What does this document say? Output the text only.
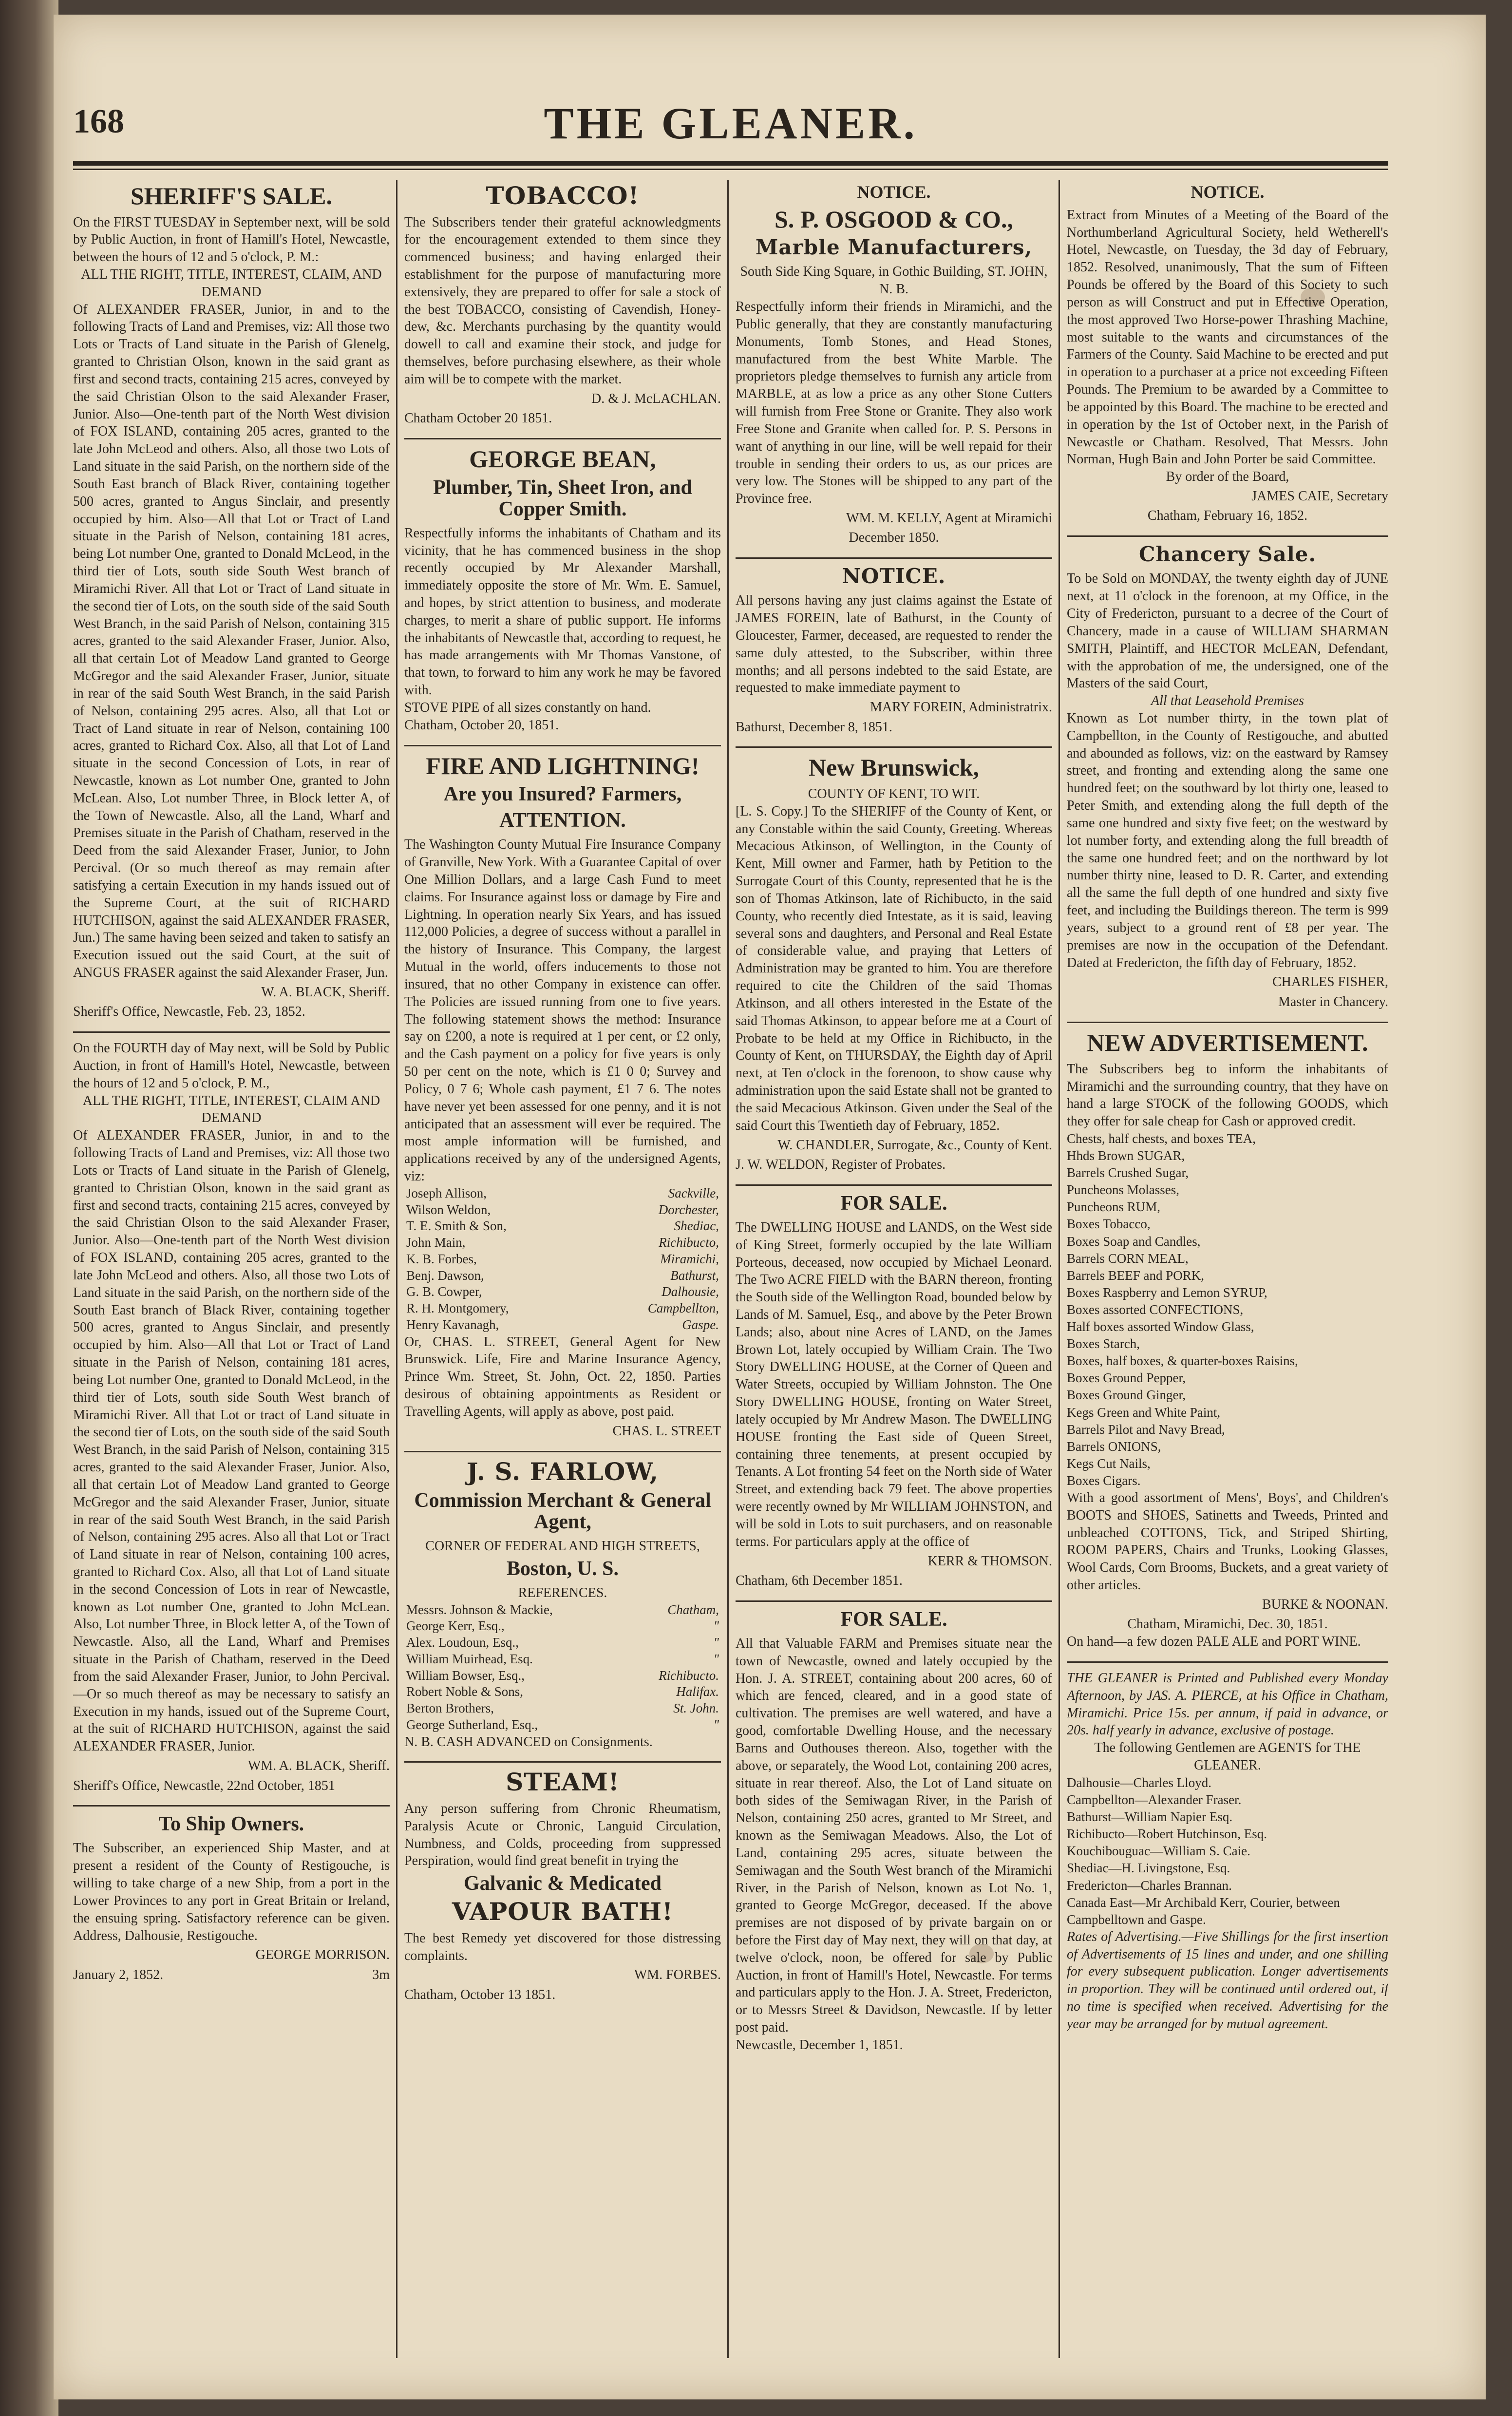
168	THE GLEANER.
SHERIFF'S SALE.

On the FIRST TUESDAY in September next, will be sold by Public Auction, in front of Hamill's Hotel, Newcastle, between the hours of 12 and 5 o'clock, P. M.:

ALL THE RIGHT, TITLE, INTEREST, CLAIM, AND DEMAND

Of ALEXANDER FRASER, Junior, in and to the following Tracts of Land and Premises, viz: All those two Lots or Tracts of Land situate in the Parish of Glenelg, granted to Christian Olson, known in the said grant as first and second tracts, containing 215 acres, conveyed by the said Christian Olson to the said Alexander Fraser, Junior. Also—One-tenth part of the North West division of FOX ISLAND, containing 205 acres, granted to the late John McLeod and others. Also, all those two Lots of Land situate in the said Parish, on the northern side of the South East branch of Black River, containing together 500 acres, granted to Angus Sinclair, and presently occupied by him. Also—All that Lot or Tract of Land situate in the Parish of Nelson, containing 181 acres, being Lot number One, granted to Donald McLeod, in the third tier of Lots, south side South West branch of Miramichi River. All that Lot or Tract of Land situate in the second tier of Lots, on the south side of the said South West Branch, in the said Parish of Nelson, containing 315 acres, granted to the said Alexander Fraser, Junior. Also, all that certain Lot of Meadow Land granted to George McGregor and the said Alexander Fraser, Junior, situate in rear of the said South West Branch, in the said Parish of Nelson, containing 295 acres. Also, all that Lot or Tract of Land situate in rear of Nelson, containing 100 acres, granted to Richard Cox. Also, all that Lot of Land situate in the second Concession of Lots, in rear of Newcastle, known as Lot number One, granted to John McLean. Also, Lot number Three, in Block letter A, of the Town of Newcastle. Also, all the Land, Wharf and Premises situate in the Parish of Chatham, reserved in the Deed from the said Alexander Fraser, Junior, to John Percival. (Or so much thereof as may remain after satisfying a certain Execution in my hands issued out of the Supreme Court, at the suit of RICHARD HUTCHISON, against the said ALEXANDER FRASER, Jun.) The same having been seized and taken to satisfy an Execution issued out the said Court, at the suit of ANGUS FRASER against the said Alexander Fraser, Jun.

W. A. BLACK, Sheriff.

Sheriff's Office, Newcastle, Feb. 23, 1852.

On the FOURTH day of May next, will be Sold by Public Auction, in front of Hamill's Hotel, Newcastle, between the hours of 12 and 5 o'clock, P. M.,

ALL THE RIGHT, TITLE, INTEREST, CLAIM AND DEMAND

Of ALEXANDER FRASER, Junior, in and to the following Tracts of Land and Premises, viz: All those two Lots or Tracts of Land situate in the Parish of Glenelg, granted to Christian Olson, known in the said grant as first and second tracts, containing 215 acres, conveyed by the said Christian Olson to the said Alexander Fraser, Junior. Also—One-tenth part of the North West division of FOX ISLAND, containing 205 acres, granted to the late John McLeod and others. Also, all those two Lots of Land situate in the said Parish, on the northern side of the South East branch of Black River, containing together 500 acres, granted to Angus Sinclair, and presently occupied by him. Also—All that Lot or Tract of Land situate in the Parish of Nelson, containing 181 acres, being Lot number One, granted to Donald McLeod, in the third tier of Lots, south side South West branch of Miramichi River. All that Lot or tract of Land situate in the second tier of Lots, on the south side of the said South West Branch, in the said Parish of Nelson, containing 315 acres, granted to the said Alexander Fraser, Junior. Also, all that certain Lot of Meadow Land granted to George McGregor and the said Alexander Fraser, Junior, situate in rear of the said South West Branch, in the said Parish of Nelson, containing 295 acres. Also all that Lot or Tract of Land situate in rear of Nelson, containing 100 acres, granted to Richard Cox. Also, all that Lot of Land situate in the second Concession of Lots in rear of Newcastle, known as Lot number One, granted to John McLean. Also, Lot number Three, in Block letter A, of the Town of Newcastle. Also, all the Land, Wharf and Premises situate in the Parish of Chatham, reserved in the Deed from the said Alexander Fraser, Junior, to John Percival.—Or so much thereof as may be necessary to satisfy an Execution in my hands, issued out of the Supreme Court, at the suit of RICHARD HUTCHISON, against the said ALEXANDER FRASER, Junior.

WM. A. BLACK, Sheriff.

Sheriff's Office, Newcastle, 22nd October, 1851

To Ship Owners.

The Subscriber, an experienced Ship Master, and at present a resident of the County of Restigouche, is willing to take charge of a new Ship, from a port in the Lower Provinces to any port in Great Britain or Ireland, the ensuing spring. Satisfactory reference can be given. Address, Dalhousie, Restigouche.

GEORGE MORRISON.

January 2, 1852.	3m

TOBACCO!

The Subscribers tender their grateful acknowledgments for the encouragement extended to them since they commenced business; and having enlarged their establishment for the purpose of manufacturing more extensively, they are prepared to offer for sale a stock of the best TOBACCO, consisting of Cavendish, Honey-dew, &c. Merchants purchasing by the quantity would dowell to call and examine their stock, and judge for themselves, before purchasing elsewhere, as their whole aim will be to compete with the market.

D. & J. McLACHLAN.

Chatham October 20 1851.

GEORGE BEAN,
Plumber, Tin, Sheet Iron, and Copper Smith.

Respectfully informs the inhabitants of Chatham and its vicinity, that he has commenced business in the shop recently occupied by Mr Alexander Marshall, immediately opposite the store of Mr. Wm. E. Samuel, and hopes, by strict attention to business, and moderate charges, to merit a share of public support. He informs the inhabitants of Newcastle that, according to request, he has made arrangements with Mr Thomas Vanstone, of that town, to forward to him any work he may be favored with.

STOVE PIPE of all sizes constantly on hand.

Chatham, October 20, 1851.

FIRE AND LIGHTNING!
Are you Insured? Farmers,
ATTENTION.

The Washington County Mutual Fire Insurance Company of Granville, New York. With a Guarantee Capital of over One Million Dollars, and a large Cash Fund to meet claims. For Insurance against loss or damage by Fire and Lightning. In operation nearly Six Years, and has issued 112,000 Policies, a degree of success without a parallel in the history of Insurance. This Company, the largest Mutual in the world, offers inducements to those not insured, that no other Company in existence can offer. The Policies are issued running from one to five years. The following statement shows the method: Insurance say on £200, a note is required at 1 per cent, or £2 only, and the Cash payment on a policy for five years is only 50 per cent on the note, which is £1 0 0; Survey and Policy, 0 7 6; Whole cash payment, £1 7 6. The notes have never yet been assessed for one penny, and it is not anticipated that an assessment will ever be required. The most ample information will be furnished, and applications received by any of the undersigned Agents, viz:

Joseph Allison,	Sackville,
Wilson Weldon,	Dorchester,
T. E. Smith & Son,	Shediac,
John Main,	Richibucto,
K. B. Forbes,	Miramichi,
Benj. Dawson,	Bathurst,
G. B. Cowper,	Dalhousie,
R. H. Montgomery,	Campbellton,
Henry Kavanagh,	Gaspe.

Or, CHAS. L. STREET, General Agent for New Brunswick. Life, Fire and Marine Insurance Agency, Prince Wm. Street, St. John, Oct. 22, 1850. Parties desirous of obtaining appointments as Resident or Travelling Agents, will apply as above, post paid.

CHAS. L. STREET
J. S. FARLOW,
Commission Merchant & General Agent,

CORNER OF FEDERAL AND HIGH STREETS,

Boston, U. S.

REFERENCES.

Messrs. Johnson & Mackie,	Chatham,
George Kerr, Esq.,	"
Alex. Loudoun, Esq.,	"
William Muirhead, Esq.	"
William Bowser, Esq.,	Richibucto.
Robert Noble & Sons,	Halifax.
Berton Brothers,	St. John.
George Sutherland, Esq.,	"

N. B. CASH ADVANCED on Consignments.

STEAM!

Any person suffering from Chronic Rheumatism, Paralysis Acute or Chronic, Languid Circulation, Numbness, and Colds, proceeding from suppressed Perspiration, would find great benefit in trying the

Galvanic & Medicated
VAPOUR BATH!

The best Remedy yet discovered for those distressing complaints.

WM. FORBES.

Chatham, October 13 1851.

NOTICE.
S. P. OSGOOD & CO.,
Marble Manufacturers,

South Side King Square, in Gothic Building, ST. JOHN, N. B.

Respectfully inform their friends in Miramichi, and the Public generally, that they are constantly manufacturing Monuments, Tomb Stones, and Head Stones, manufactured from the best White Marble. The proprietors pledge themselves to furnish any article from MARBLE, at as low a price as any other Stone Cutters will furnish from Free Stone or Granite. They also work Free Stone and Granite when called for. P. S. Persons in want of anything in our line, will be well repaid for their trouble in sending their orders to us, as our prices are very low. The Stones will be shipped to any part of the Province free.

WM. M. KELLY, Agent at Miramichi

December 1850.

NOTICE.

All persons having any just claims against the Estate of JAMES FOREIN, late of Bathurst, in the County of Gloucester, Farmer, deceased, are requested to render the same duly attested, to the Subscriber, within three months; and all persons indebted to the said Estate, are requested to make immediate payment to

MARY FOREIN, Administratrix.

Bathurst, December 8, 1851.

New Brunswick,

COUNTY OF KENT, TO WIT.

[L. S. Copy.] To the SHERIFF of the County of Kent, or any Constable within the said County, Greeting. Whereas Mecacious Atkinson, of Wellington, in the County of Kent, Mill owner and Farmer, hath by Petition to the Surrogate Court of this County, represented that he is the son of Thomas Atkinson, late of Richibucto, in the said County, who recently died Intestate, as it is said, leaving several sons and daughters, and Personal and Real Estate of considerable value, and praying that Letters of Administration may be granted to him. You are therefore required to cite the Children of the said Thomas Atkinson, and all others interested in the Estate of the said Thomas Atkinson, to appear before me at a Court of Probate to be held at my Office in Richibucto, in the County of Kent, on THURSDAY, the Eighth day of April next, at Ten o'clock in the forenoon, to show cause why administration upon the said Estate shall not be granted to the said Mecacious Atkinson. Given under the Seal of the said Court this Twentieth day of February, 1852.

W. CHANDLER, Surrogate, &c., County of Kent.

J. W. WELDON, Register of Probates.

FOR SALE.

The DWELLING HOUSE and LANDS, on the West side of King Street, formerly occupied by the late William Porteous, deceased, now occupied by Michael Leonard. The Two ACRE FIELD with the BARN thereon, fronting the South side of the Wellington Road, bounded below by Lands of M. Samuel, Esq., and above by the Peter Brown Lands; also, about nine Acres of LAND, on the James Brown Lot, lately occupied by William Crain. The Two Story DWELLING HOUSE, at the Corner of Queen and Water Streets, occupied by William Johnston. The One Story DWELLING HOUSE, fronting on Water Street, lately occupied by Mr Andrew Mason. The DWELLING HOUSE fronting the East side of Queen Street, containing three tenements, at present occupied by Tenants. A Lot fronting 54 feet on the North side of Water Street, and extending back 79 feet. The above properties were recently owned by Mr WILLIAM JOHNSTON, and will be sold in Lots to suit purchasers, and on reasonable terms. For particulars apply at the office of

KERR & THOMSON.

Chatham, 6th December 1851.

FOR SALE.

All that Valuable FARM and Premises situate near the town of Newcastle, owned and lately occupied by the Hon. J. A. STREET, containing about 200 acres, 60 of which are fenced, cleared, and in a good state of cultivation. The premises are well watered, and have a good, comfortable Dwelling House, and the necessary Barns and Outhouses thereon. Also, together with the above, or separately, the Wood Lot, containing 200 acres, situate in rear thereof. Also, the Lot of Land situate on both sides of the Semiwagan River, in the Parish of Nelson, containing 250 acres, granted to Mr Street, and known as the Semiwagan Meadows. Also, the Lot of Land, containing 295 acres, situate between the Semiwagan and the South West branch of the Miramichi River, in the Parish of Nelson, known as Lot No. 1, granted to George McGregor, deceased. If the above premises are not disposed of by private bargain on or before the First day of May next, they will on that day, at twelve o'clock, noon, be offered for sale by Public Auction, in front of Hamill's Hotel, Newcastle. For terms and particulars apply to the Hon. J. A. Street, Fredericton, or to Messrs Street & Davidson, Newcastle. If by letter post paid.

Newcastle, December 1, 1851.

NOTICE.

Extract from Minutes of a Meeting of the Board of the Northumberland Agricultural Society, held Wetherell's Hotel, Newcastle, on Tuesday, the 3d day of February, 1852. Resolved, unanimously, That the sum of Fifteen Pounds be offered by the Board of this Society to such person as will Construct and put in Effective Operation, the most approved Two Horse-power Thrashing Machine, most suitable to the wants and circumstances of the Farmers of the County. Said Machine to be erected and put in operation to a purchaser at a price not exceeding Fifteen Pounds. The Premium to be awarded by a Committee to be appointed by this Board. The machine to be erected and in operation by the 1st of October next, in the Parish of Newcastle or Chatham. Resolved, That Messrs. John Norman, Hugh Bain and John Porter be said Committee.

By order of the Board,

JAMES CAIE, Secretary

Chatham, February 16, 1852.

Chancery Sale.

To be Sold on MONDAY, the twenty eighth day of JUNE next, at 11 o'clock in the forenoon, at my Office, in the City of Fredericton, pursuant to a decree of the Court of Chancery, made in a cause of WILLIAM SHARMAN SMITH, Plaintiff, and HECTOR McLEAN, Defendant, with the approbation of me, the undersigned, one of the Masters of the said Court,

All that Leasehold Premises

Known as Lot number thirty, in the town plat of Campbellton, in the County of Restigouche, and abutted and abounded as follows, viz: on the eastward by Ramsey street, and fronting and extending along the same one hundred feet; on the southward by lot thirty one, leased to Peter Smith, and extending along the full depth of the same one hundred and sixty five feet; on the westward by lot number forty, and extending along the full breadth of the same one hundred feet; and on the northward by lot number thirty nine, leased to D. R. Carter, and extending all the same the full depth of one hundred and sixty five feet, and including the Buildings thereon. The term is 999 years, subject to a ground rent of £8 per year. The premises are now in the occupation of the Defendant. Dated at Fredericton, the fifth day of February, 1852.

CHARLES FISHER,
Master in Chancery.
NEW ADVERTISEMENT.

The Subscribers beg to inform the inhabitants of Miramichi and the surrounding country, that they have on hand a large STOCK of the following GOODS, which they offer for sale cheap for Cash or approved credit.

Chests, half chests, and boxes TEA,
Hhds Brown SUGAR,
Barrels Crushed Sugar,
Puncheons Molasses,
Puncheons RUM,
Boxes Tobacco,
Boxes Soap and Candles,
Barrels CORN MEAL,
Barrels BEEF and PORK,
Boxes Raspberry and Lemon SYRUP,
Boxes assorted CONFECTIONS,
Half boxes assorted Window Glass,
Boxes Starch,
Boxes, half boxes, & quarter-boxes Raisins,
Boxes Ground Pepper,
Boxes Ground Ginger,
Kegs Green and White Paint,
Barrels Pilot and Navy Bread,
Barrels ONIONS,
Kegs Cut Nails,
Boxes Cigars.

With a good assortment of Mens', Boys', and Children's BOOTS and SHOES, Satinetts and Tweeds, Printed and unbleached COTTONS, Tick, and Striped Shirting, ROOM PAPERS, Chairs and Trunks, Looking Glasses, Wool Cards, Corn Brooms, Buckets, and a great variety of other articles.

BURKE & NOONAN.

Chatham, Miramichi, Dec. 30, 1851.

On hand—a few dozen PALE ALE and PORT WINE.

THE GLEANER is Printed and Published every Monday Afternoon, by JAS. A. PIERCE, at his Office in Chatham, Miramichi. Price 15s. per annum, if paid in advance, or 20s. half yearly in advance, exclusive of postage.

The following Gentlemen are AGENTS for THE GLEANER.

Dalhousie—Charles Lloyd.
Campbellton—Alexander Fraser.
Bathurst—William Napier Esq.
Richibucto—Robert Hutchinson, Esq.
Kouchibouguac—William S. Caie.
Shediac—H. Livingstone, Esq.
Fredericton—Charles Brannan.
Canada East—Mr Archibald Kerr, Courier, between Campbelltown and Gaspe.

Rates of Advertising.—Five Shillings for the first insertion of Advertisements of 15 lines and under, and one shilling for every subsequent publication. Longer advertisements in proportion. They will be continued until ordered out, if no time is specified when received. Advertising for the year may be arranged for by mutual agreement.
